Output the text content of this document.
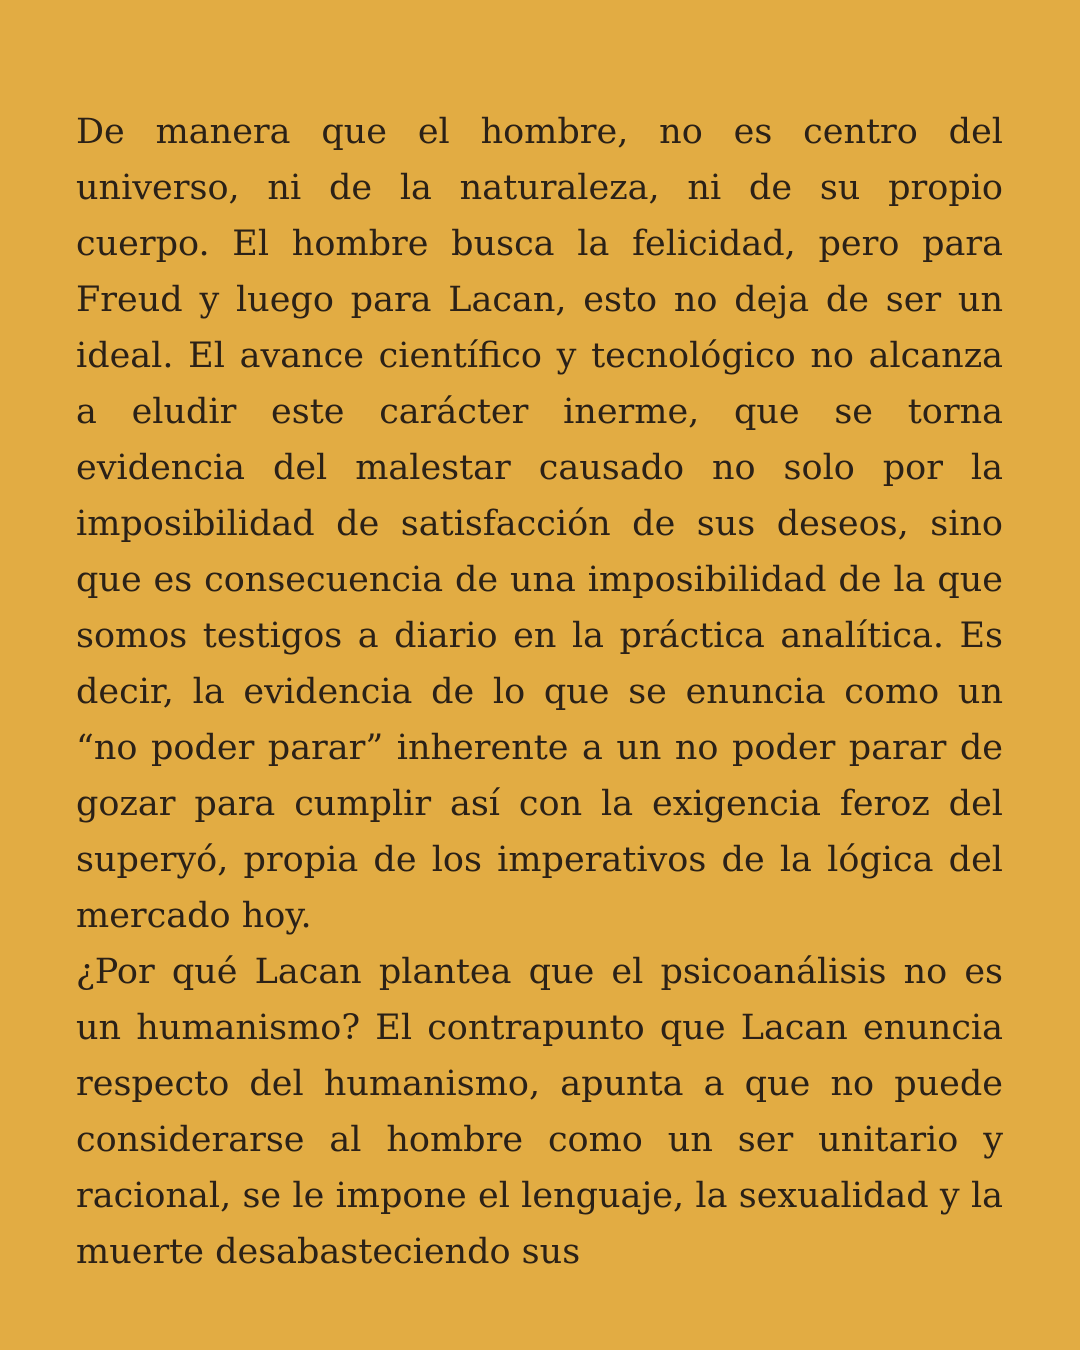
De manera que el hombre, no es centro del universo, ni de la naturaleza, ni de su propio cuerpo. El hombre busca la felicidad, pero para Freud y luego para Lacan, esto no deja de ser un ideal. El avance científico y tecnológico no alcanza a eludir este carácter inerme, que se torna evidencia del malestar causado no solo por la imposibilidad de satisfacción de sus deseos, sino que es consecuencia de una imposibilidad de la que somos testigos a diario en la práctica analítica. Es decir, la evidencia de lo que se enuncia como un “no poder parar” inherente a un no poder parar de gozar para cumplir así con la exigencia feroz del superyó, propia de los imperativos de la lógica del mercado hoy.

¿Por qué Lacan plantea que el psicoanálisis no es un humanismo? El contrapunto que Lacan enuncia respecto del humanismo, apunta a que no puede considerarse al hombre como un ser unitario y racional, se le impone el lenguaje, la sexualidad y la muerte desabasteciendo sus
